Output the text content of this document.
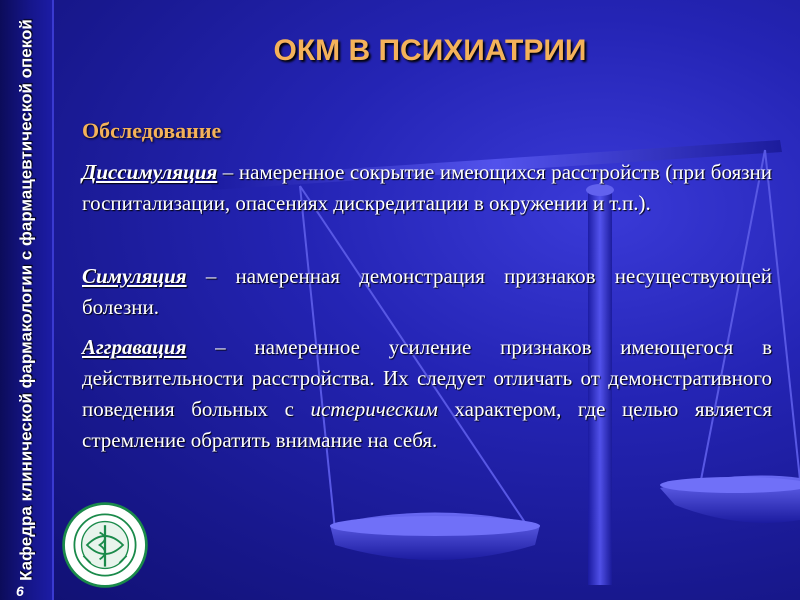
Кафедра клинической фармакологии с фармацевтической опекой
6
ОКМ В ПСИХИАТРИИ
Обследование
Диссимуляция – намеренное сокрытие имеющихся расстройств (при боязни госпитализации, опасениях дискредитации в окружении и т.п.).
Симуляция – намеренная демонстрация признаков несуществующей болезни.
Аггравация – намеренное усиление признаков имеющегося в действительности расстройства. Их следует отличать от демонстративного поведения больных с истерическим характером, где целью является стремление обратить внимание на себя.
